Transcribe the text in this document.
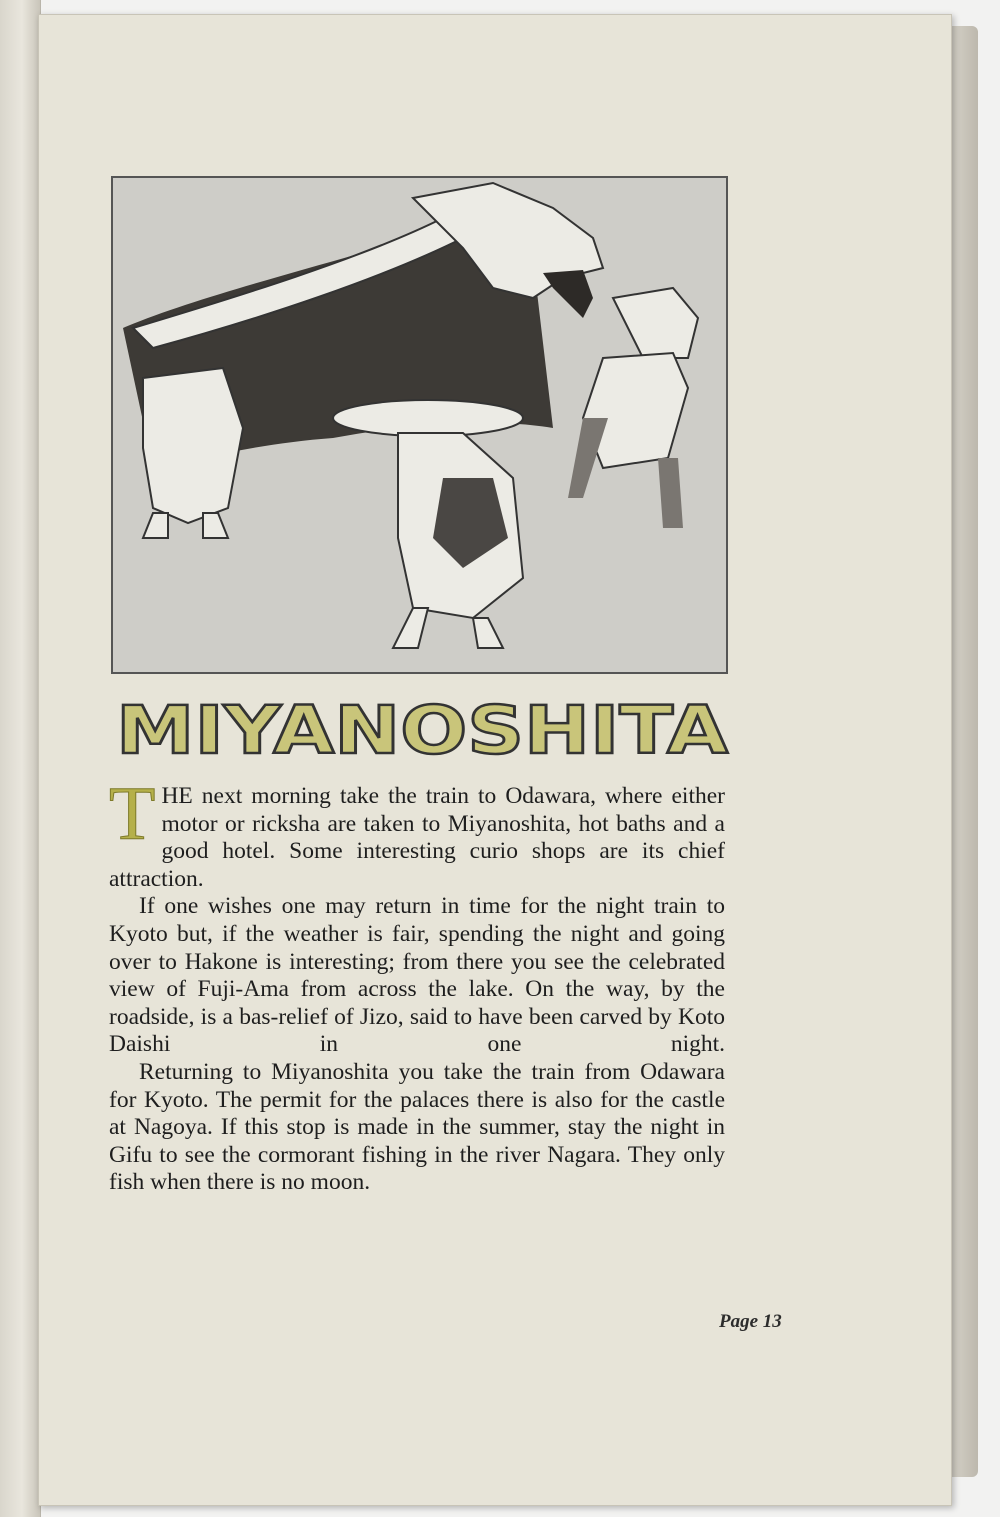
MIYANOSHITA

THE next morning take the train to Odawara, where either motor or ricksha are taken to Miyanoshita, hot baths and a good hotel. Some interesting curio shops are its chief attraction.

If one wishes one may return in time for the night train to Kyoto but, if the weather is fair, spending the night and going over to Hakone is interesting; from there you see the celebrated view of Fuji-Ama from across the lake. On the way, by the roadside, is a bas-relief of Jizo, said to have been carved by Koto Daishi in one night.

Returning to Miyanoshita you take the train from Odawara for Kyoto. The permit for the palaces there is also for the castle at Nagoya. If this stop is made in the summer, stay the night in Gifu to see the cormorant fishing in the river Nagara. They only fish when there is no moon.

Page 13
